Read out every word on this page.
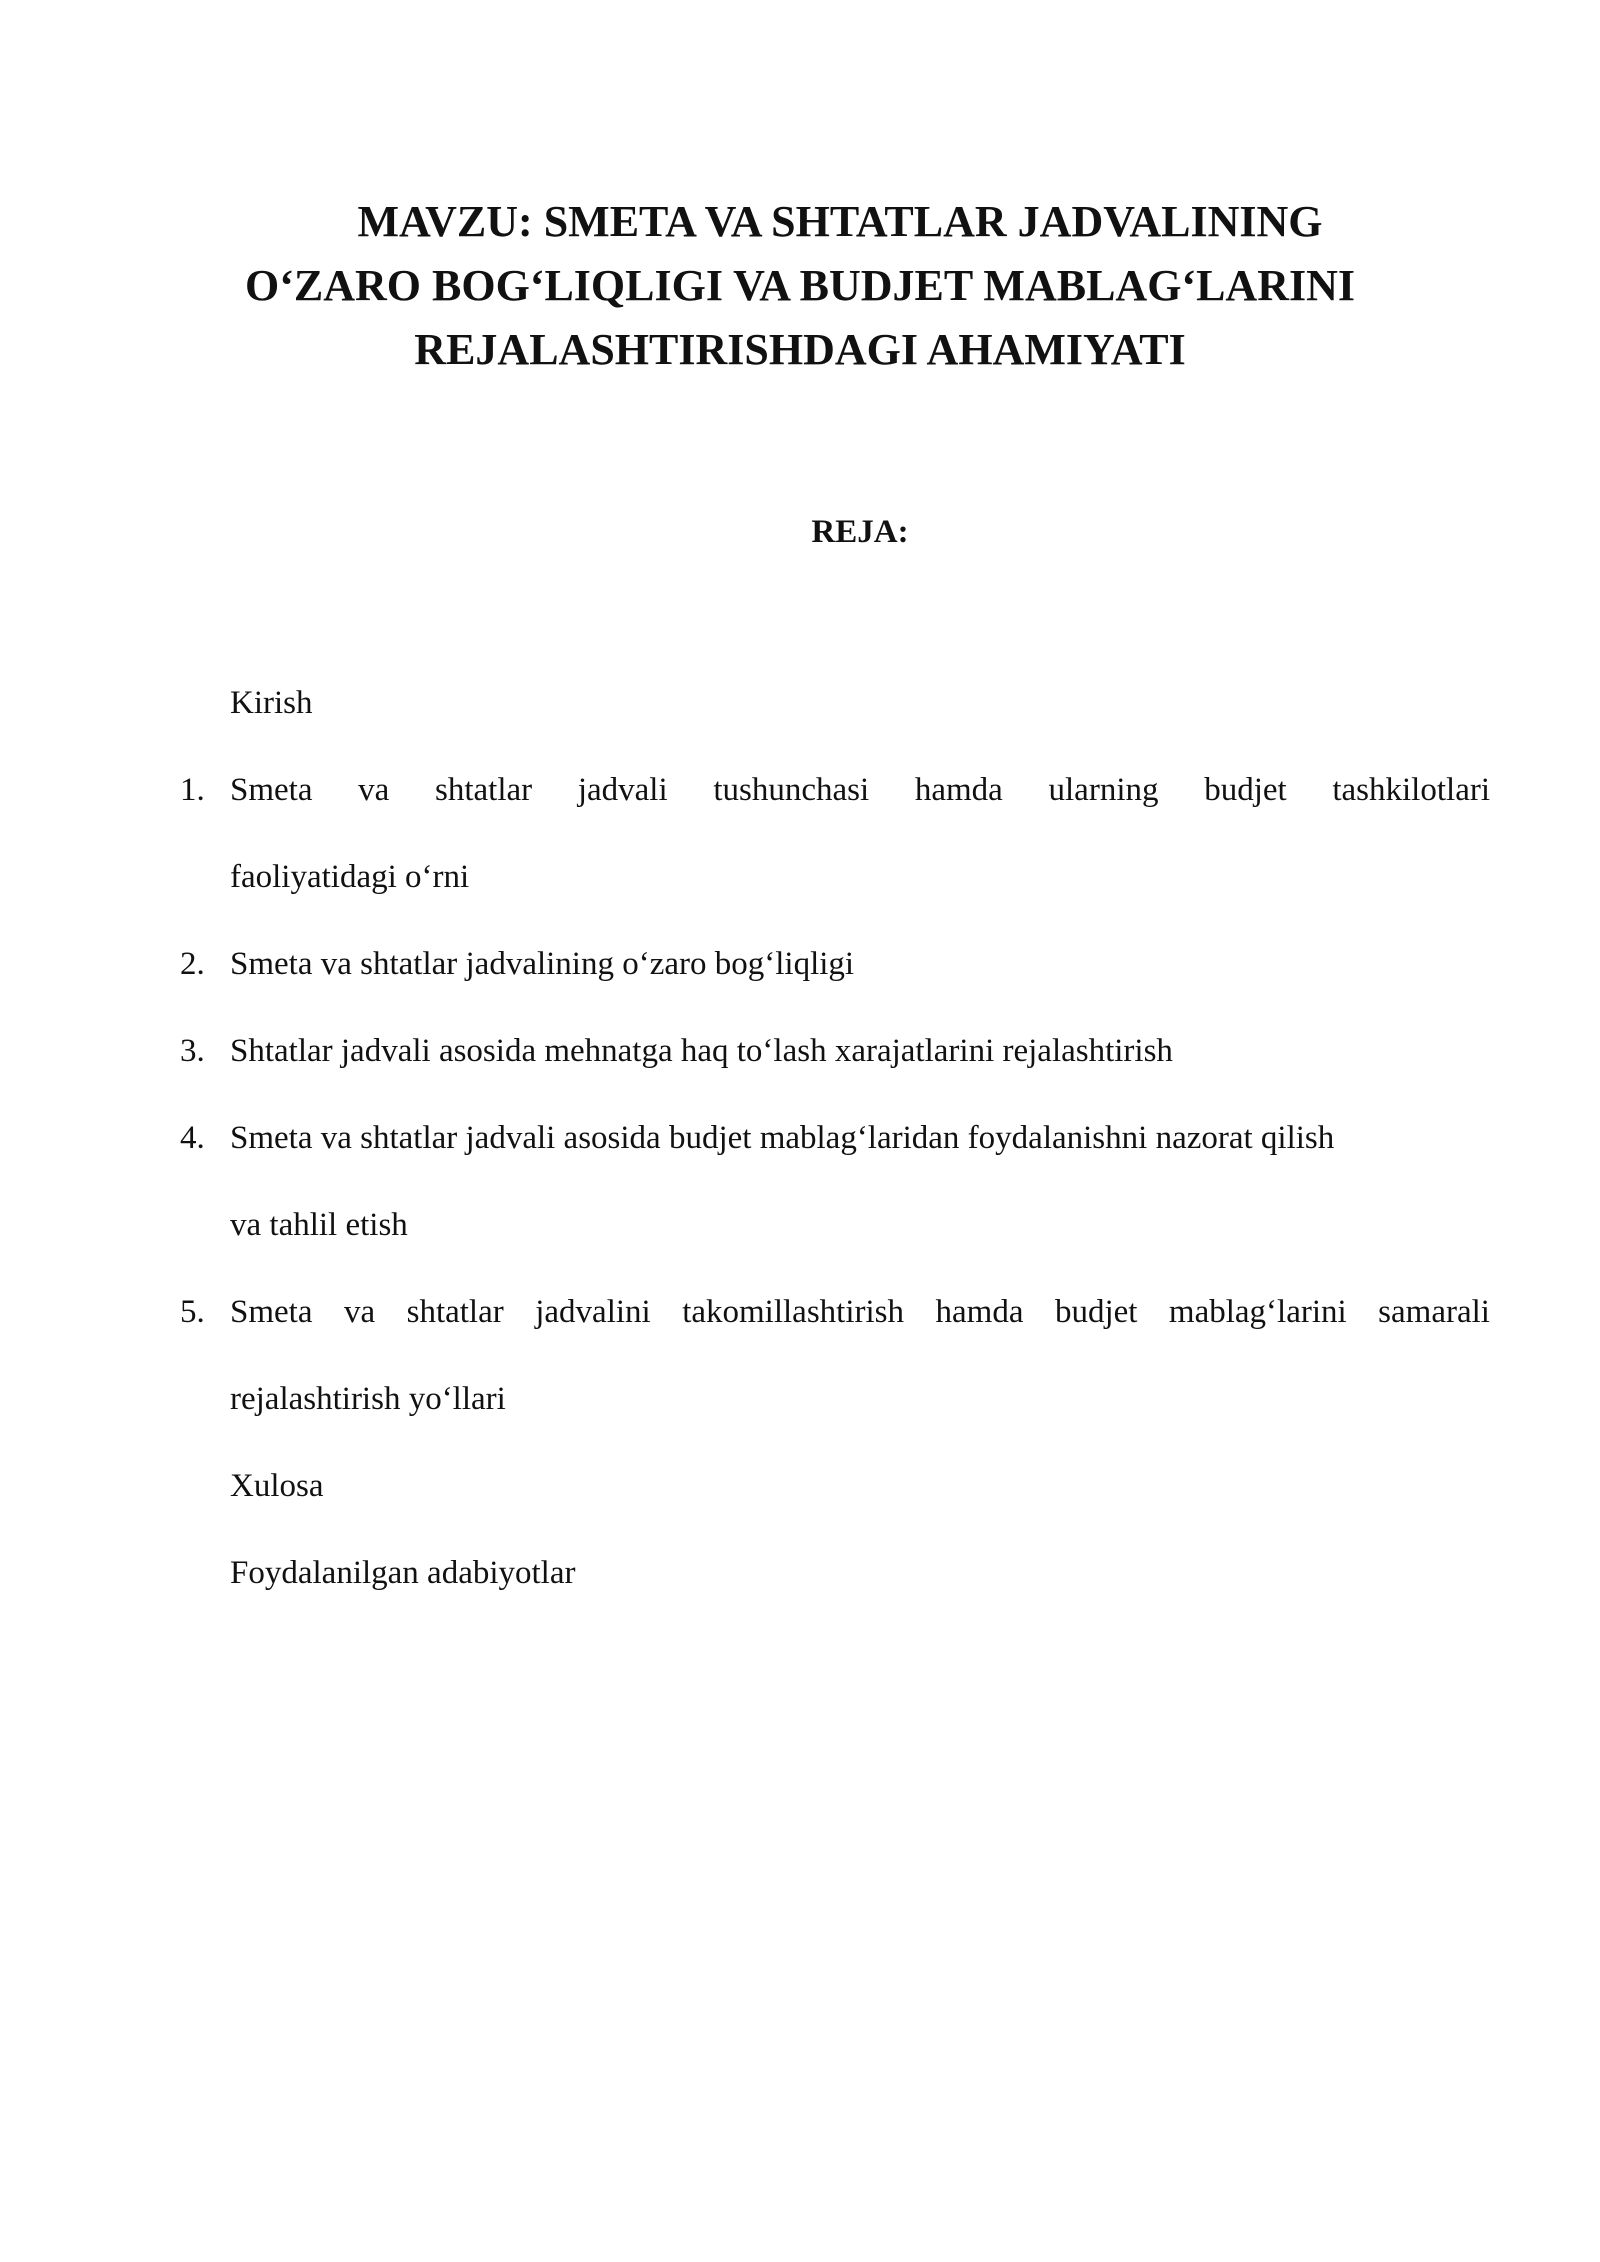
MAVZU: SMETA VA SHTATLAR JADVALINING
O‘ZARO BOG‘LIQLIGI VA BUDJET MABLAG‘LARINI
REJALASHTIRISHDAGI AHAMIYATI
REJA:
Kirish
1. Smeta va shtatlar jadvali tushunchasi hamda ularning budjet tashkilotlari
faoliyatidagi o‘rni
2. Smeta va shtatlar jadvalining o‘zaro bog‘liqligi
3. Shtatlar jadvali asosida mehnatga haq to‘lash xarajatlarini rejalashtirish
4. Smeta va shtatlar jadvali asosida budjet mablag‘laridan foydalanishni nazorat qilish
va tahlil etish
5. Smeta va shtatlar jadvalini takomillashtirish hamda budjet mablag‘larini samarali
rejalashtirish yo‘llari
Xulosa
Foydalanilgan adabiyotlar
